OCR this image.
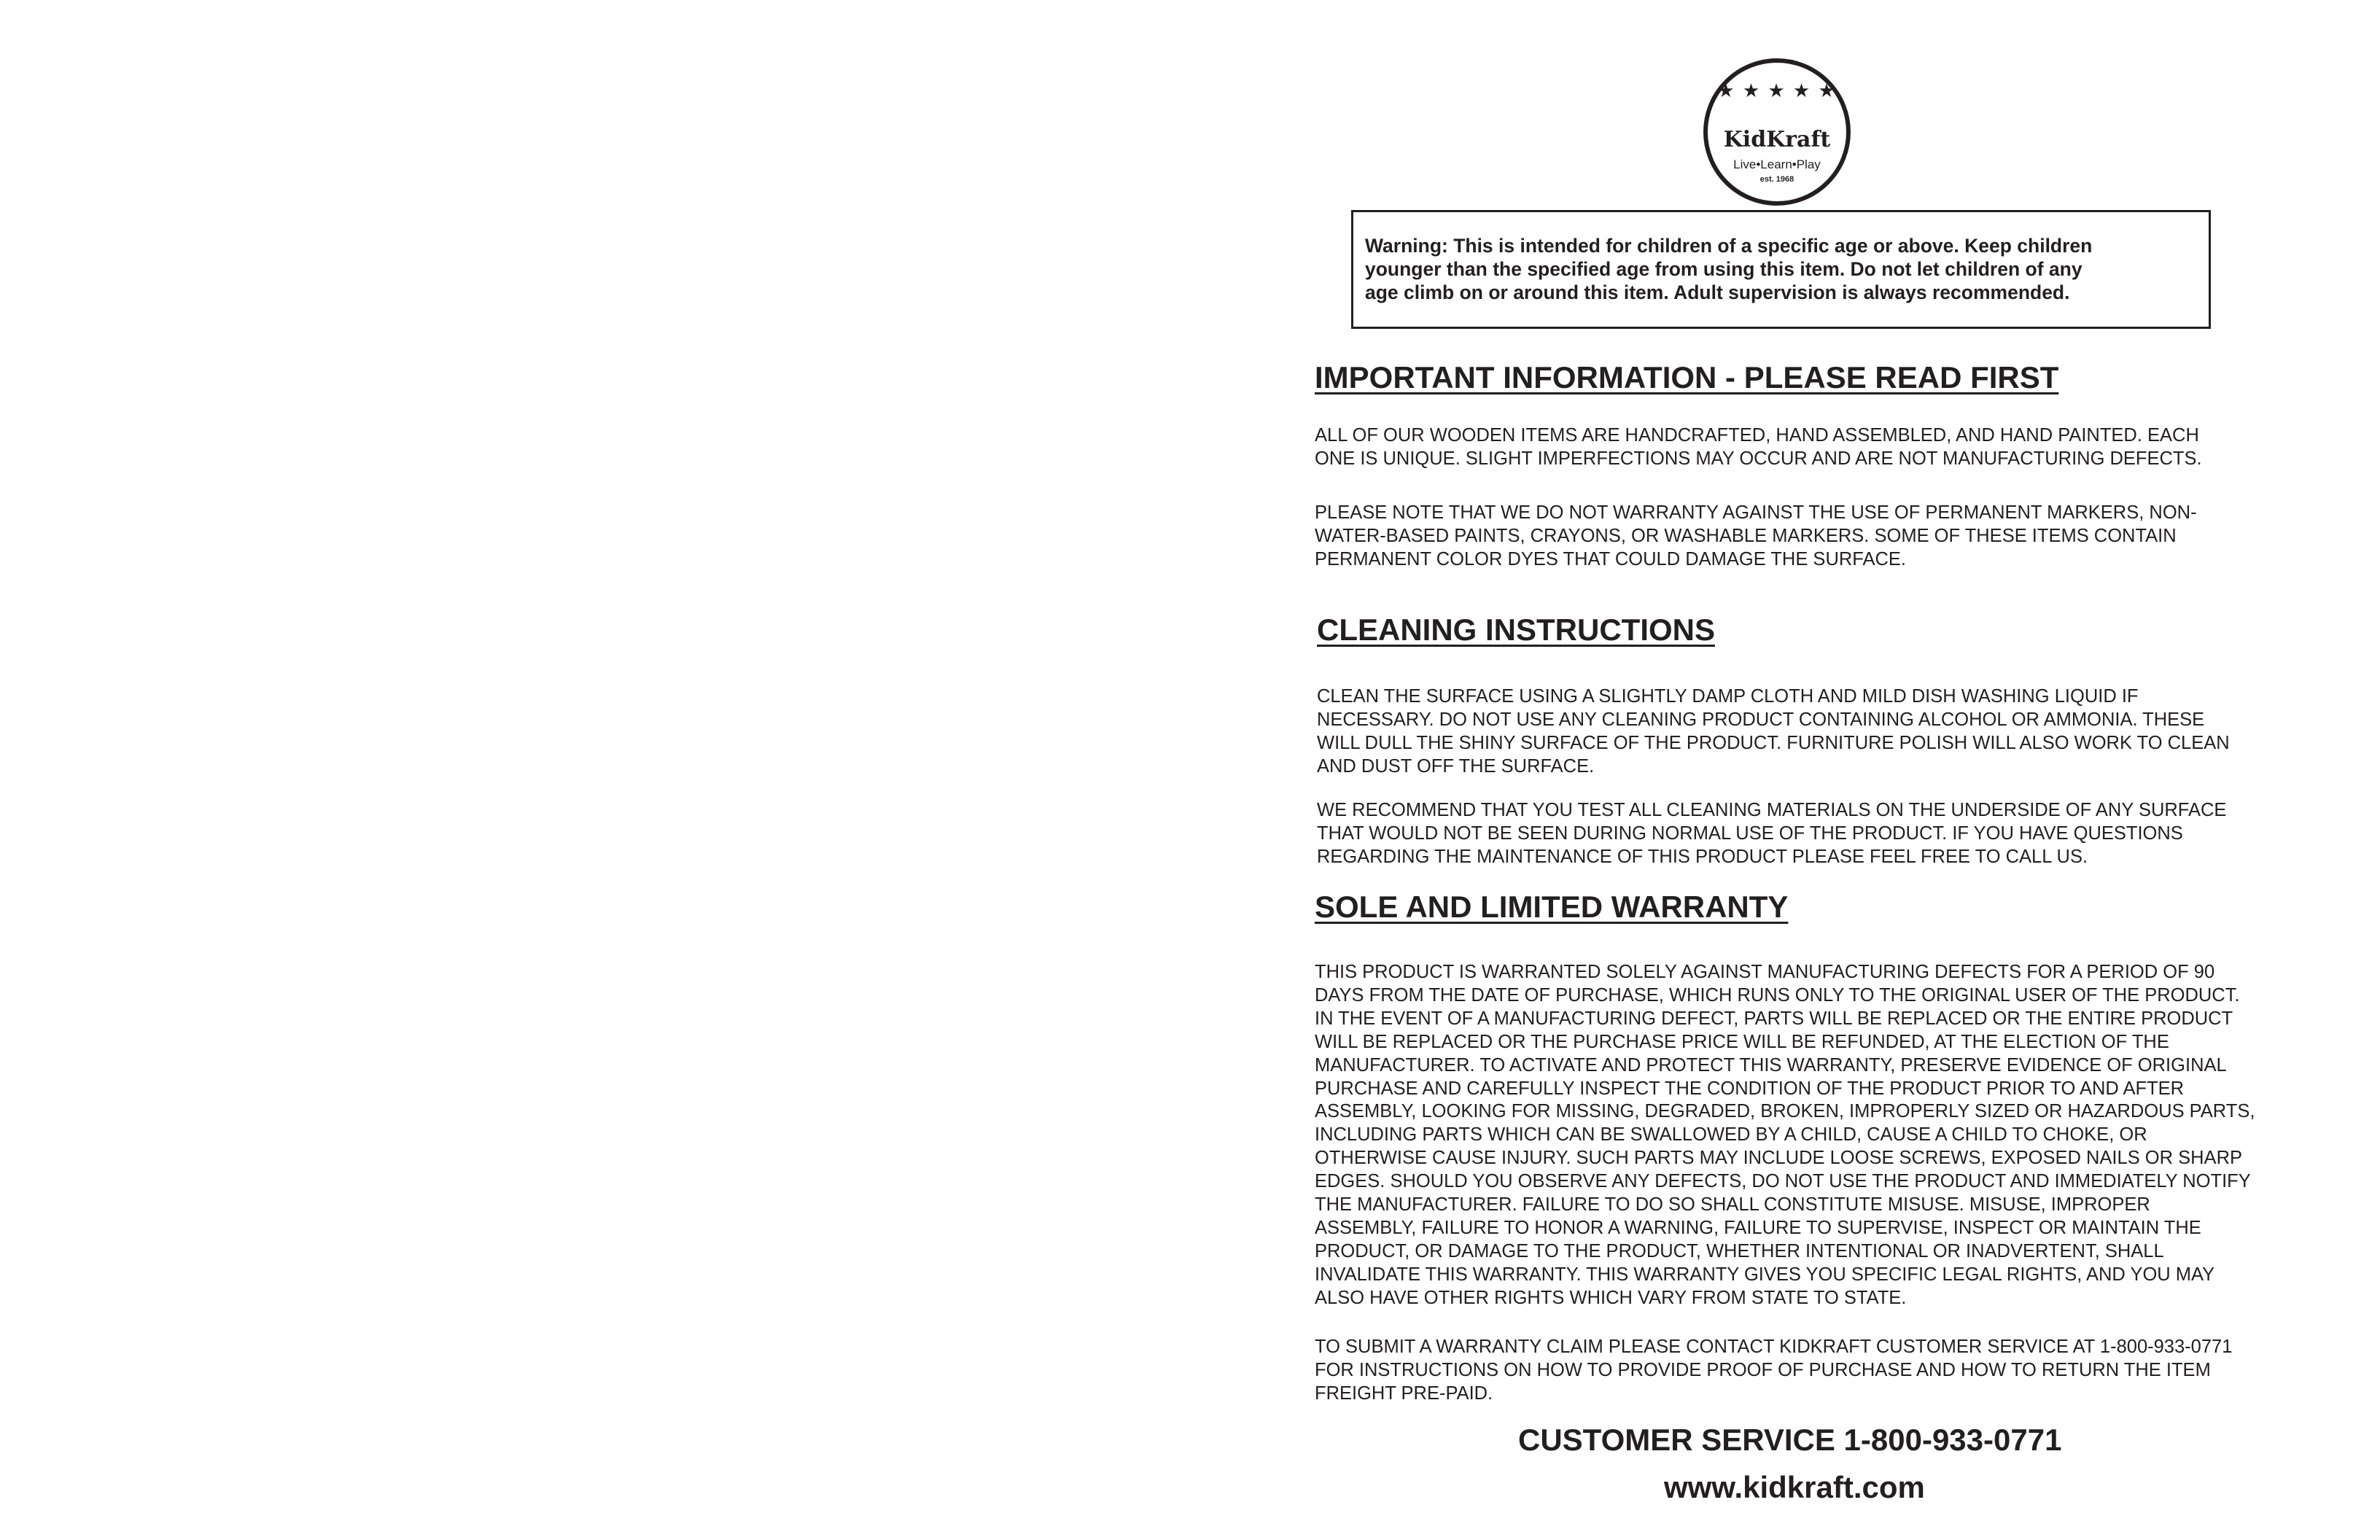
★ ★ ★ ★ ★
KidKraft
Live•Learn•Play
est. 1968
Warning: This is intended for children of a specific age or above. Keep children
younger than the specified age from using this item. Do not let children of any
age climb on or around this item. Adult supervision is always recommended.
IMPORTANT INFORMATION - PLEASE READ FIRST
ALL OF OUR WOODEN ITEMS ARE HANDCRAFTED, HAND ASSEMBLED, AND HAND PAINTED. EACH
ONE IS UNIQUE. SLIGHT IMPERFECTIONS MAY OCCUR AND ARE NOT MANUFACTURING DEFECTS.
PLEASE NOTE THAT WE DO NOT WARRANTY AGAINST THE USE OF PERMANENT MARKERS, NON-
WATER-BASED PAINTS, CRAYONS, OR WASHABLE MARKERS. SOME OF THESE ITEMS CONTAIN
PERMANENT COLOR DYES THAT COULD DAMAGE THE SURFACE.
CLEANING INSTRUCTIONS
CLEAN THE SURFACE USING A SLIGHTLY DAMP CLOTH AND MILD DISH WASHING LIQUID IF
NECESSARY. DO NOT USE ANY CLEANING PRODUCT CONTAINING ALCOHOL OR AMMONIA. THESE
WILL DULL THE SHINY SURFACE OF THE PRODUCT. FURNITURE POLISH WILL ALSO WORK TO CLEAN
AND DUST OFF THE SURFACE.
WE RECOMMEND THAT YOU TEST ALL CLEANING MATERIALS ON THE UNDERSIDE OF ANY SURFACE
THAT WOULD NOT BE SEEN DURING NORMAL USE OF THE PRODUCT. IF YOU HAVE QUESTIONS
REGARDING THE MAINTENANCE OF THIS PRODUCT PLEASE FEEL FREE TO CALL US.
SOLE AND LIMITED WARRANTY
THIS PRODUCT IS WARRANTED SOLELY AGAINST MANUFACTURING DEFECTS FOR A PERIOD OF 90
DAYS FROM THE DATE OF PURCHASE, WHICH RUNS ONLY TO THE ORIGINAL USER OF THE PRODUCT.
IN THE EVENT OF A MANUFACTURING DEFECT, PARTS WILL BE REPLACED OR THE ENTIRE PRODUCT
WILL BE REPLACED OR THE PURCHASE PRICE WILL BE REFUNDED, AT THE ELECTION OF THE
MANUFACTURER. TO ACTIVATE AND PROTECT THIS WARRANTY, PRESERVE EVIDENCE OF ORIGINAL
PURCHASE AND CAREFULLY INSPECT THE CONDITION OF THE PRODUCT PRIOR TO AND AFTER
ASSEMBLY, LOOKING FOR MISSING, DEGRADED, BROKEN, IMPROPERLY SIZED OR HAZARDOUS PARTS,
INCLUDING PARTS WHICH CAN BE SWALLOWED BY A CHILD, CAUSE A CHILD TO CHOKE, OR
OTHERWISE CAUSE INJURY. SUCH PARTS MAY INCLUDE LOOSE SCREWS, EXPOSED NAILS OR SHARP
EDGES. SHOULD YOU OBSERVE ANY DEFECTS, DO NOT USE THE PRODUCT AND IMMEDIATELY NOTIFY
THE MANUFACTURER. FAILURE TO DO SO SHALL CONSTITUTE MISUSE. MISUSE, IMPROPER
ASSEMBLY, FAILURE TO HONOR A WARNING, FAILURE TO SUPERVISE, INSPECT OR MAINTAIN THE
PRODUCT, OR DAMAGE TO THE PRODUCT, WHETHER INTENTIONAL OR INADVERTENT, SHALL
INVALIDATE THIS WARRANTY. THIS WARRANTY GIVES YOU SPECIFIC LEGAL RIGHTS, AND YOU MAY
ALSO HAVE OTHER RIGHTS WHICH VARY FROM STATE TO STATE.
TO SUBMIT A WARRANTY CLAIM PLEASE CONTACT KIDKRAFT CUSTOMER SERVICE AT 1-800-933-0771
FOR INSTRUCTIONS ON HOW TO PROVIDE PROOF OF PURCHASE AND HOW TO RETURN THE ITEM
FREIGHT PRE-PAID.
CUSTOMER SERVICE 1-800-933-0771
www.kidkraft.com
